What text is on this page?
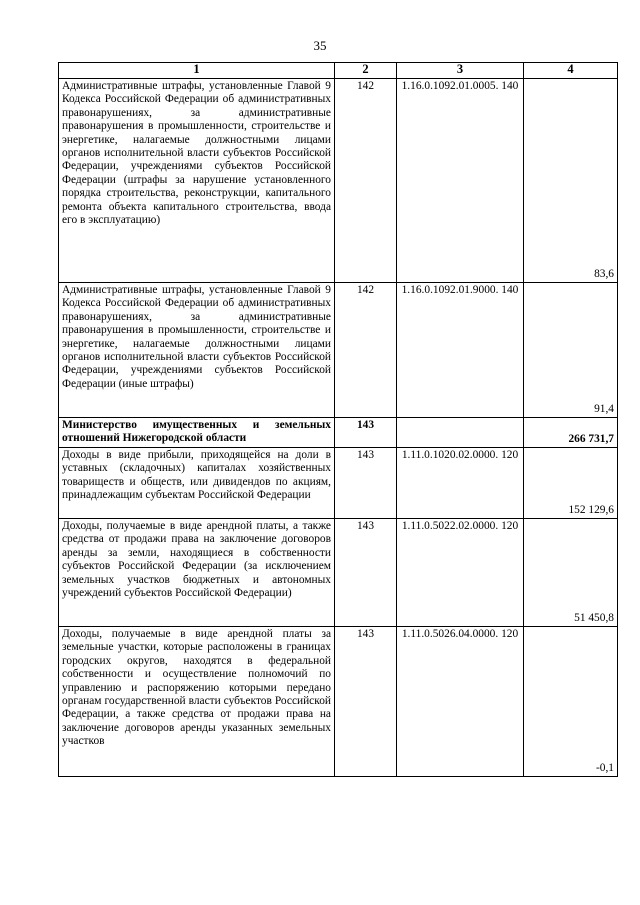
35
1	2	3	4
Административные штрафы, установленные Главой 9 Кодекса Российской Федерации об административных правонарушениях, за административные правонарушения в промышленности, строительстве и энергетике, налагаемые должностными лицами органов исполнительной власти субъектов Российской Федерации, учреждениями субъектов Российской Федерации (штрафы за нарушение установленного порядка строительства, реконструкции, капитального ремонта объекта капитального строительства, ввода его в эксплуатацию)	142	1.16.0.1092.01.0005. 140	83,6
Административные штрафы, установленные Главой 9 Кодекса Российской Федерации об административных правонарушениях, за административные правонарушения в промышленности, строительстве и энергетике, налагаемые должностными лицами органов исполнительной власти субъектов Российской Федерации, учреждениями субъектов Российской Федерации (иные штрафы)	142	1.16.0.1092.01.9000. 140	91,4
Министерство имущественных и земельных отношений Нижегородской области	143		266 731,7
Доходы в виде прибыли, приходящейся на доли в уставных (складочных) капиталах хозяйственных товариществ и обществ, или дивидендов по акциям, принадлежащим субъектам Российской Федерации	143	1.11.0.1020.02.0000. 120	152 129,6
Доходы, получаемые в виде арендной платы, а также средства от продажи права на заключение договоров аренды за земли, находящиеся в собственности субъектов Российской Федерации (за исключением земельных участков бюджетных и автономных учреждений субъектов Российской Федерации)	143	1.11.0.5022.02.0000. 120	51 450,8
Доходы, получаемые в виде арендной платы за земельные участки, которые расположены в границах городских округов, находятся в федеральной собственности и осуществление полномочий по управлению и распоряжению которыми передано органам государственной власти субъектов Российской Федерации, а также средства от продажи права на заключение договоров аренды указанных земельных участков	143	1.11.0.5026.04.0000. 120	-0,1
